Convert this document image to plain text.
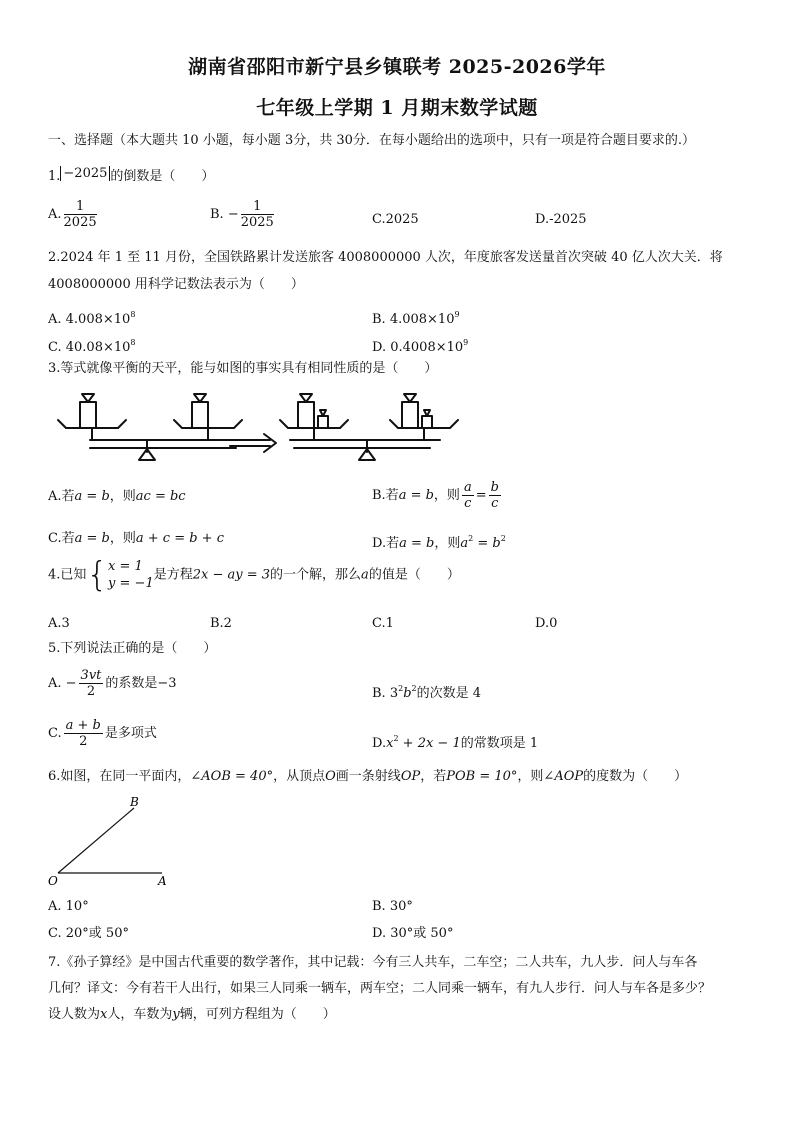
湖南省邵阳市新宁县乡镇联考 2025-2026学年
七年级上学期 1 月期末数学试题
一、选择题（本大题共 10 小题，每小题 3分，共 30分．在每小题给出的选项中，只有一项是符合题目要求的.）
1. −2025 的倒数是（　　）
A. $\frac{1}{2025}$	B. − $\frac{1}{2025}$	C.2025	D.-2025
2.2024 年 1 至 11 月份，全国铁路累计发送旅客 4008000000 人次，年度旅客发送量首次突破 40 亿人次大关．将
4008000000 用科学记数法表示为（　　）
A. $4.008\times 10^8$	B. $4.008\times 10^9$
C. $40.08\times 10^8$	D. $0.4008\times 10^9$
3.等式就像平衡的天平，能与如图的事实具有相同性质的是（　　）
A.若a = b，则ac = bc	B.若a = b，则 $\frac{a}{c} = \frac{b}{c}$
C.若a = b，则a + c = b + c	D.若a = b，则$a^2 = b^2$
4.已知{ x = 1
y = −1
是方程2x − ay = 3的一个解，那么a的值是（　　）
A.3	B.2	C.1	D.0
5.下列说法正确的是（　　）
A. − $\frac{3vt}{2}$ 的系数是−3
B. $3^2b^2$的次数是 4
C. $\frac{a + b}{2}$ 是多项式
$D.x^2 + 2x - 1$的常数项是 1
6.如图，在同一平面内，∠AOB = 40°，从顶点O画一条射线OP，若POB = 10°，则∠AOP的度数为（　　）
B
O	A
A. 10°	B. 30°
C. 20°或 50°	D. 30°或 50°
7.《孙子算经》是中国古代重要的数学著作，其中记载：今有三人共车，二车空；二人共车，九人步．问人与车各
几何？译文：今有若干人出行，如果三人同乘一辆车，两车空；二人同乘一辆车，有九人步行．问人与车各是多少？
设人数为x人，车数为y辆，可列方程组为（　　）
